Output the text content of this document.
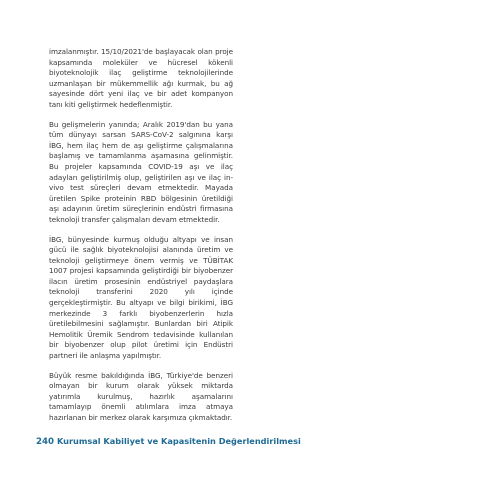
imzalanmıştır. 15/10/2021'de başlayacak olan proje kapsamında moleküler ve hücresel kökenli biyoteknolojik ilaç geliştirme teknolojilerinde uzmanlaşan bir mükemmellik ağı kurmak, bu ağ sayesinde dört yeni ilaç ve bir adet kompanyon tanı kiti geliştirmek hedeflenmiştir.

Bu gelişmelerin yanında; Aralık 2019'dan bu yana tüm dünyayı sarsan SARS-CoV-2 salgınına karşı İBG, hem ilaç hem de aşı geliştirme çalışmalarına başlamış ve tamamlanma aşamasına gelinmiştir. Bu projeler kapsamında COVID-19 aşı ve ilaç adayları geliştirilmiş olup, geliştirilen aşı ve ilaç in-vivo test süreçleri devam etmektedir. Mayada üretilen Spike proteinin RBD bölgesinin üretildiği aşı adayının üretim süreçlerinin endüstri firmasına teknoloji transfer çalışmaları devam etmektedir.

İBG, bünyesinde kurmuş olduğu altyapı ve insan gücü ile sağlık biyoteknolojisi alanında üretim ve teknoloji geliştirmeye önem vermiş ve TÜBİTAK 1007 projesi kapsamında geliştirdiği bir biyobenzer ilacın üretim prosesinin endüstriyel paydaşlara teknoloji transferini 2020 yılı içinde gerçekleştirmiştir. Bu altyapı ve bilgi birikimi, İBG merkezinde 3 farklı biyobenzerlerin hızla üretilebilmesini sağlamıştır. Bunlardan biri Atipik Hemolitik Üremik Sendrom tedavisinde kullanılan bir biyobenzer olup pilot üretimi için Endüstri partneri ile anlaşma yapılmıştır.

Büyük resme bakıldığında İBG, Türkiye'de benzeri olmayan bir kurum olarak yüksek miktarda yatırımla kurulmuş, hazırlık aşamalarını tamamlayıp önemli atılımlara imza atmaya hazırlanan bir merkez olarak karşımıza çıkmaktadır.

240 Kurumsal Kabiliyet ve Kapasitenin Değerlendirilmesi
